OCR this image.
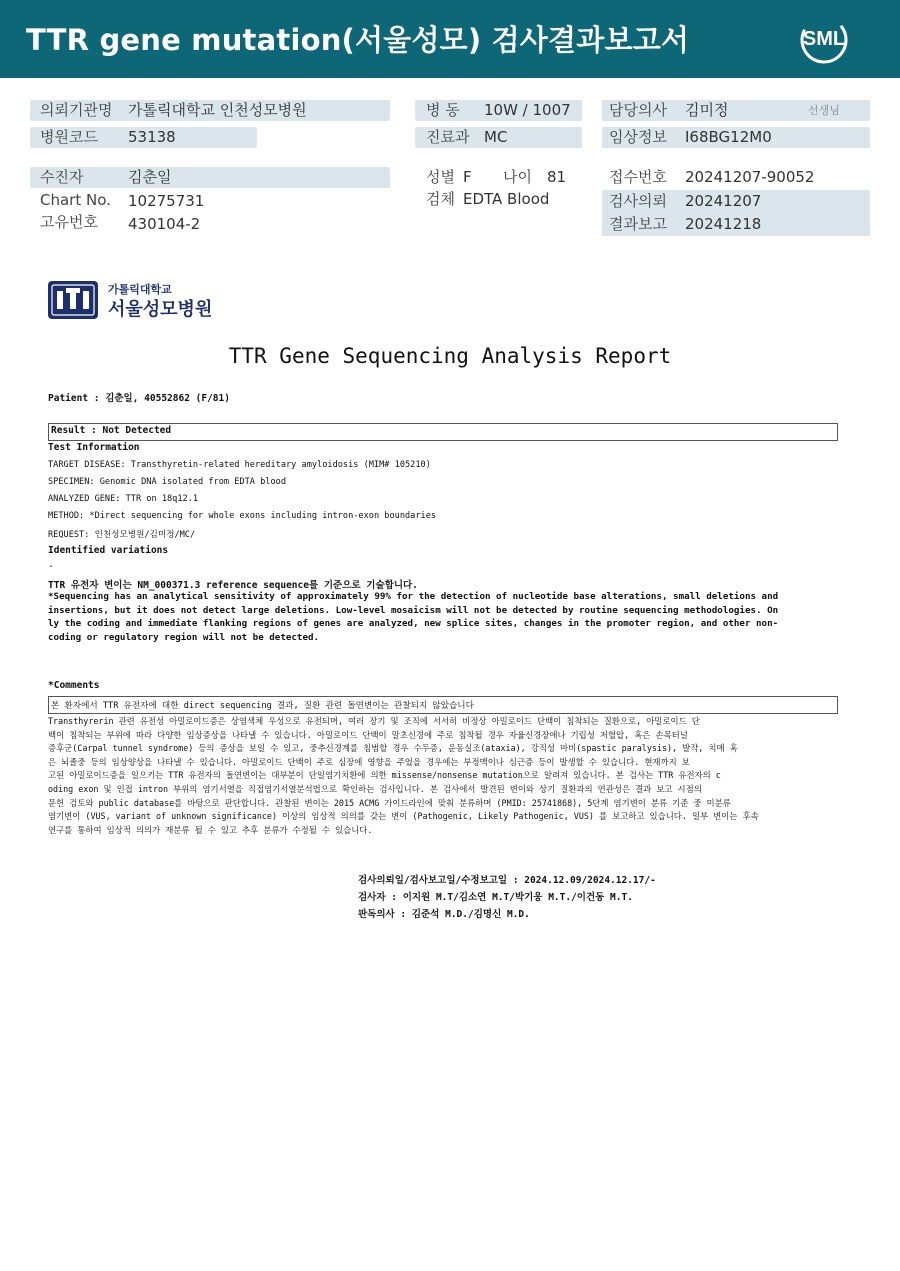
TTR gene mutation(서울성모) 검사결과보고서	SML
의뢰기관명 가톨릭대학교 인천성모병원	병 동 10W / 1007	담당의사 김미정	선생님
병원코드 53138	진료과 MC	임상정보 I68BG12M0
수진자	김춘일	성별 F 나이 81	접수번호 20241207-90052
Chart No. 10275731	검체 EDTA Blood	검사의뢰 20241207
고유번호 430104-2	결과보고 20241218
가톨릭대학교
서울성모병원
TTR Gene Sequencing Analysis Report
Patient : 김춘일, 40552862 (F/81)
Result : Not Detected
Test Information
TARGET DISEASE: Transthyretin-related hereditary amyloidosis (MIM# 105210)
SPECIMEN: Genomic DNA isolated from EDTA blood
ANALYZED GENE: TTR on 18q12.1
METHOD: *Direct sequencing for whole exons including intron-exon boundaries
REQUEST: 인천성모병원/김미정/MC/
Identified variations
-
TTR 유전자 변이는 NM_000371.3 reference sequence를 기준으로 기술합니다.
*Sequencing has an analytical sensitivity of approximately 99% for the detection of nucleotide base alterations, small deletions and
insertions, but it does not detect large deletions. Low-level mosaicism will not be detected by routine sequencing methodologies. On
ly the coding and immediate flanking regions of genes are analyzed, new splice sites, changes in the promoter region, and other non-
coding or regulatory region will not be detected.
*Comments
본 환자에서 TTR 유전자에 대한 direct sequencing 결과, 질환 관련 돌연변이는 관찰되지 않았습니다
Transthyrerin 관련 유전성 아밀로이드증은 상염색체 우성으로 유전되며, 여러 장기 및 조직에 서서히 비정상 아밀로이드 단백이 침착되는 질환으로, 아밀로이드 단
백이 침착되는 부위에 따라 다양한 임상증상을 나타낼 수 있습니다. 아밀로이드 단백이 말초신경에 주로 침착될 경우 자율신경장애나 기립성 저혈압, 혹은 손목터널
증후군(Carpal tunnel syndrome) 등의 증상을 보일 수 있고, 중추신경계를 침범할 경우 수두증, 운동실조(ataxia), 강직성 마비(spastic paralysis), 발작, 치매 혹
은 뇌졸중 등의 임상양상을 나타낼 수 있습니다. 아밀로이드 단백이 주로 심장에 영향을 주었을 경우에는 부정맥이나 심근증 등이 발생할 수 있습니다. 현재까지 보
고된 아밀로이드증을 일으키는 TTR 유전자의 돌연변이는 대부분이 단일염기치환에 의한 missense/nonsense mutation으로 알려져 있습니다. 본 검사는 TTR 유전자의 c
oding exon 및 인접 intron 부위의 염기서열을 직접염기서열분석법으로 확인하는 검사입니다. 본 검사에서 발견된 변이와 상기 질환과의 연관성은 결과 보고 시점의
문헌 검토와 public database를 바탕으로 판단합니다. 관찰된 변이는 2015 ACMG 가이드라인에 맞춰 분류하며 (PMID: 25741868), 5단계 염기변이 분류 기준 중 미분류
염기변이 (VUS, variant of unknown significance) 이상의 임상적 의의를 갖는 변이 (Pathogenic, Likely Pathogenic, VUS) 를 보고하고 있습니다. 일부 변이는 후속
연구를 통하여 임상적 의의가 재분류 될 수 있고 추후 분류가 수정될 수 있습니다.
검사의뢰일/검사보고일/수정보고일 : 2024.12.09/2024.12.17/-
검사자 : 이지원 M.T/김소연 M.T/박기웅 M.T./이건동 M.T.
판독의사 : 김준석 M.D./김명신 M.D.
